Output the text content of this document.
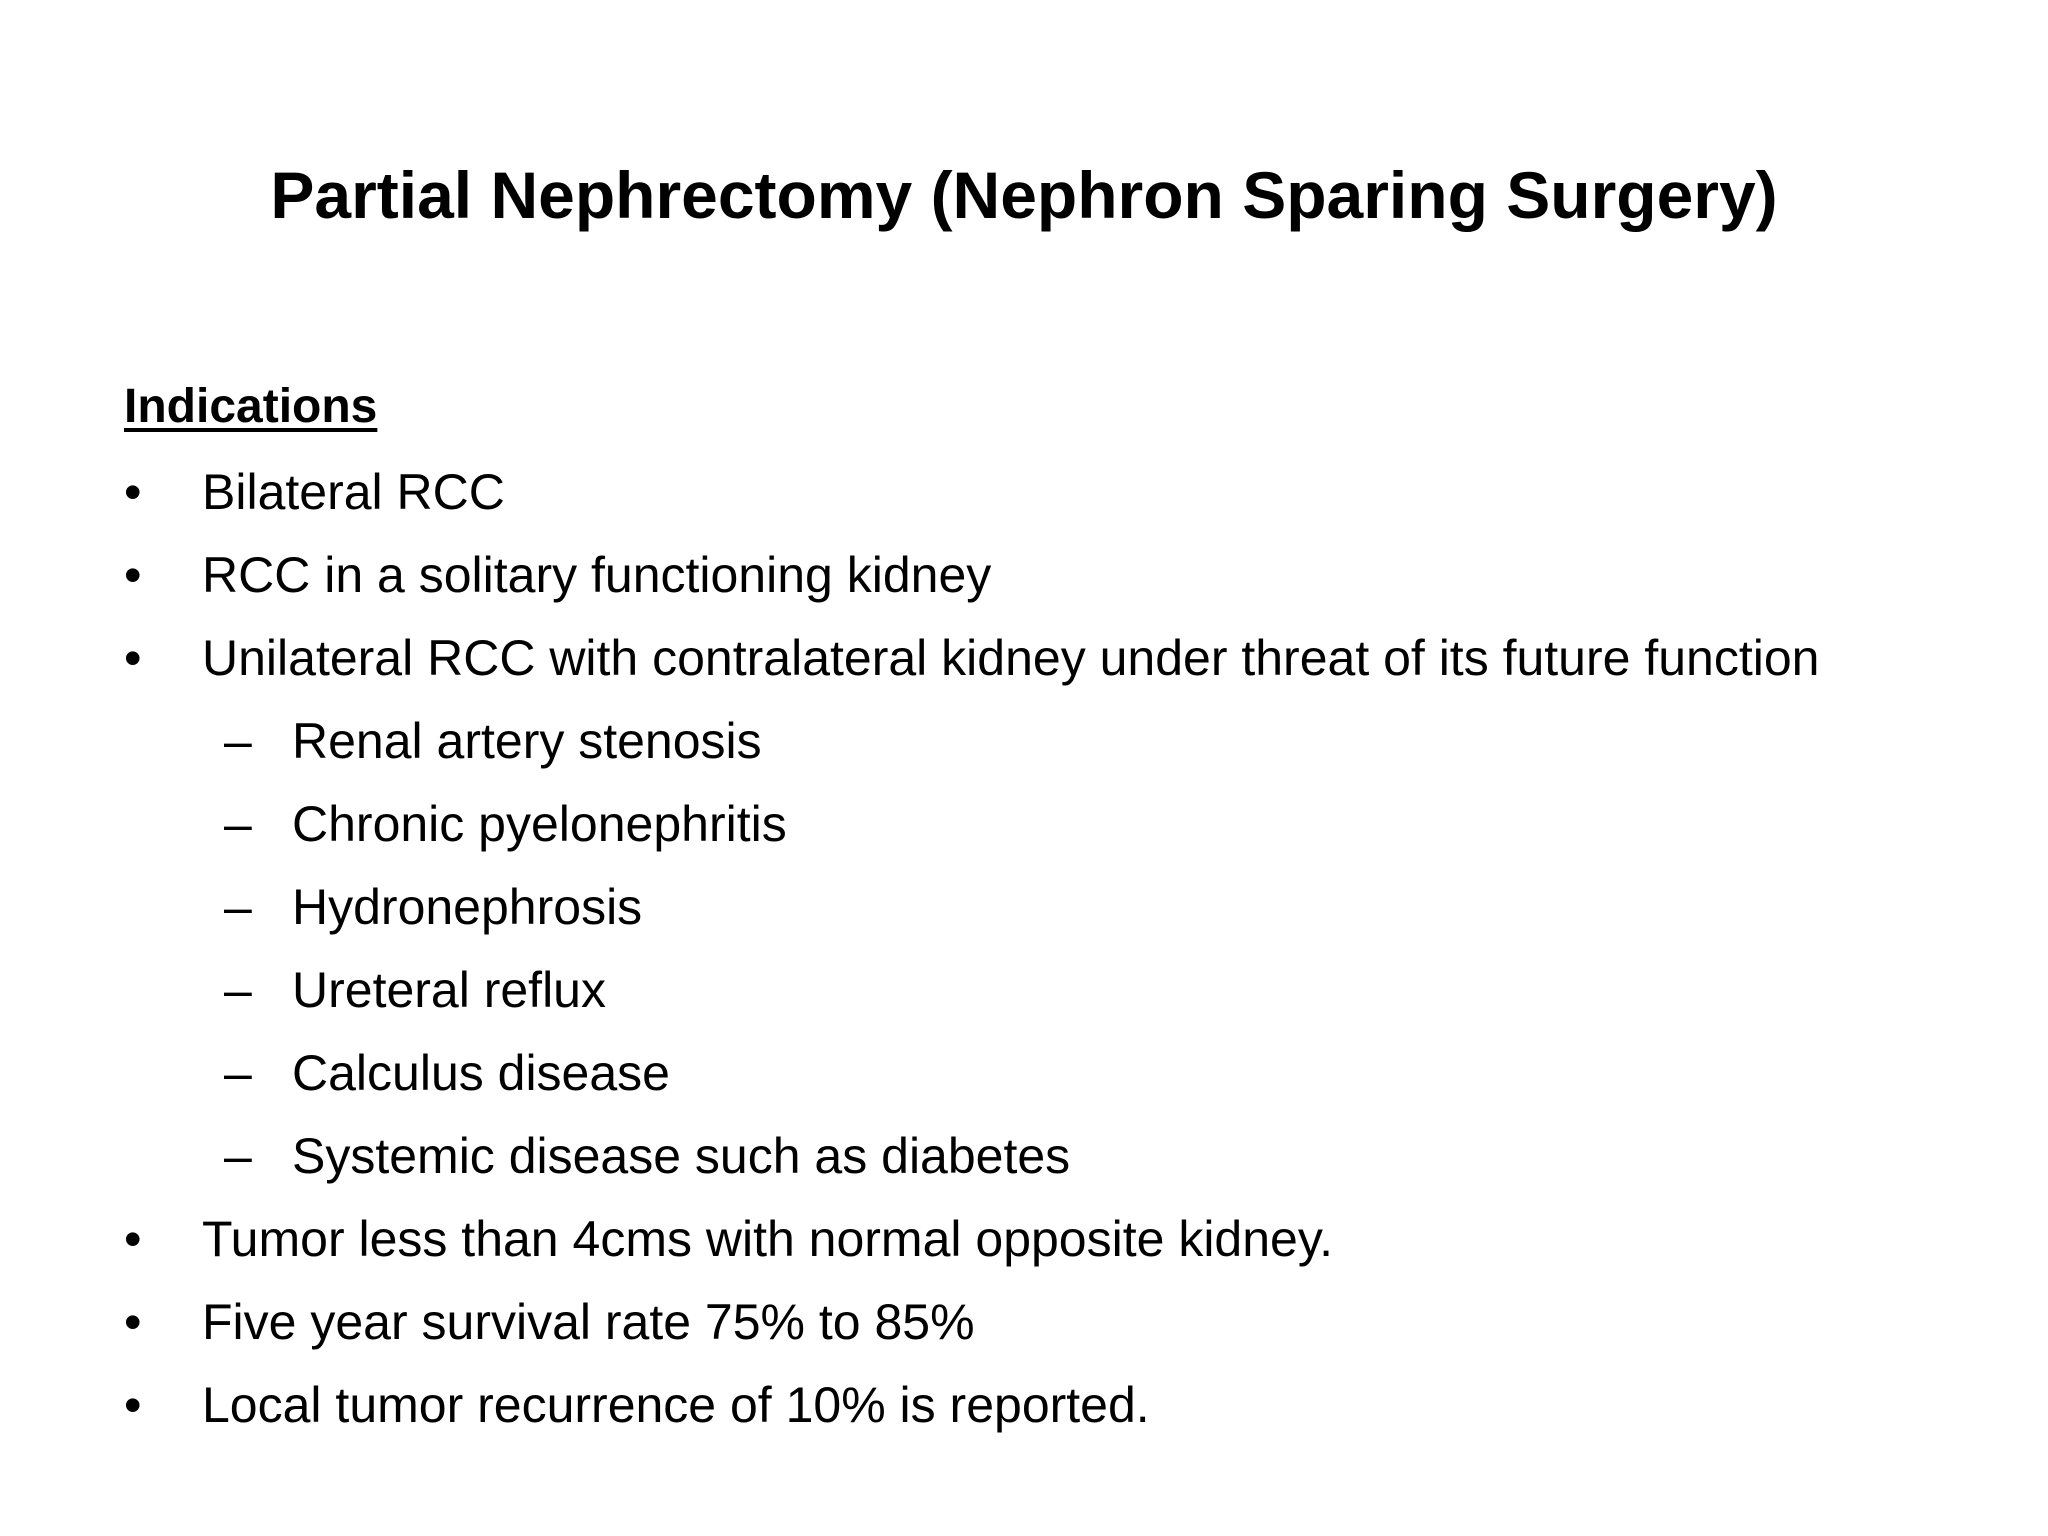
Partial Nephrectomy (Nephron Sparing Surgery)
Indications
•	Bilateral RCC
•	RCC in a solitary functioning kidney
•	Unilateral RCC with contralateral kidney under threat of its future function
– Renal artery stenosis
– Chronic pyelonephritis
– Hydronephrosis
– Ureteral reflux
– Calculus disease
– Systemic disease such as diabetes
•	Tumor less than 4cms with normal opposite kidney.
•	Five year survival rate 75% to 85%
•	Local tumor recurrence of 10% is reported.
